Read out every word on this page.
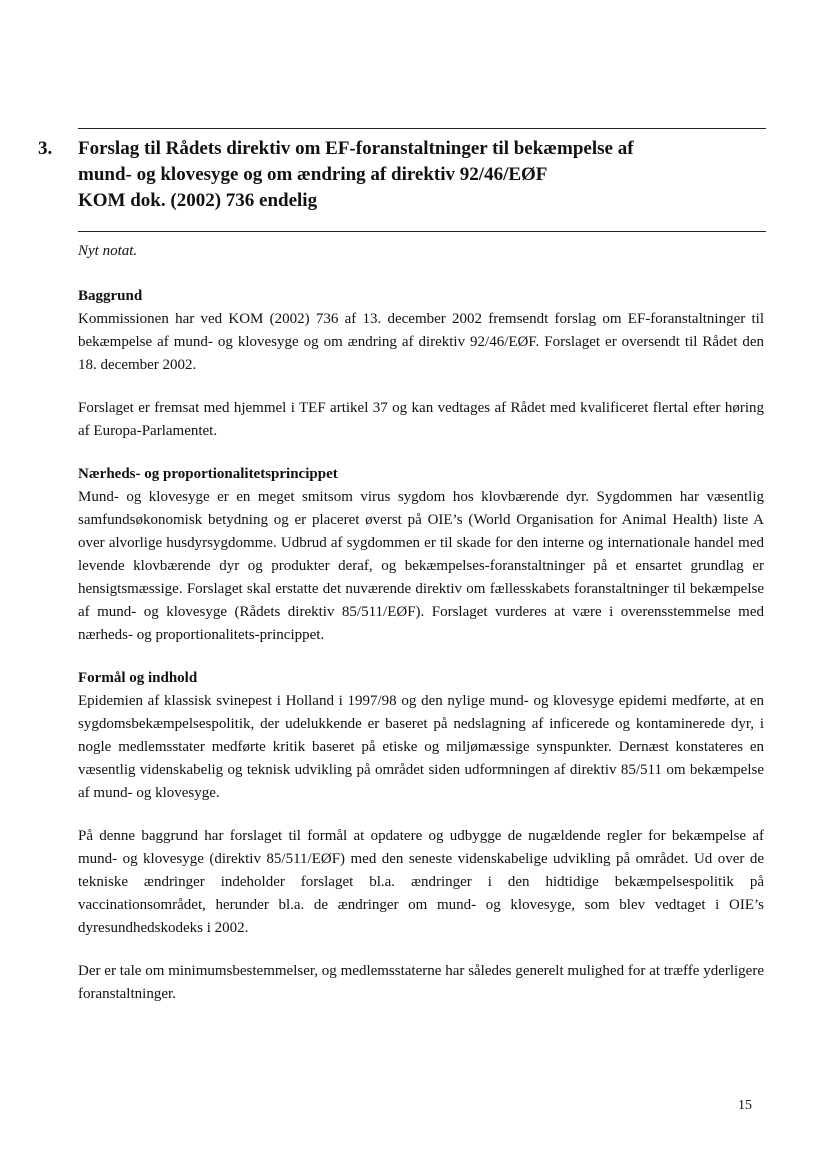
3. Forslag til Rådets direktiv om EF-foranstaltninger til bekæmpelse af
mund- og klovesyge og om ændring af direktiv 92/46/EØF
KOM dok. (2002) 736 endelig
Nyt notat.
Baggrund

Kommissionen har ved KOM (2002) 736 af 13. december 2002 fremsendt forslag om EF-foranstaltninger til bekæmpelse af mund- og klovesyge og om ændring af direktiv 92/46/EØF. Forslaget er oversendt til Rådet den 18. december 2002.

Forslaget er fremsat med hjemmel i TEF artikel 37 og kan vedtages af Rådet med kvalificeret flertal efter høring af Europa-Parlamentet.

Nærheds- og proportionalitetsprincippet

Mund- og klovesyge er en meget smitsom virus sygdom hos klovbærende dyr. Sygdommen har væsentlig samfundsøkonomisk betydning og er placeret øverst på OIE’s (World Organisation for Animal Health) liste A over alvorlige husdyrsygdomme. Udbrud af sygdommen er til skade for den interne og internationale handel med levende klovbærende dyr og produkter deraf, og bekæmpelses-foranstaltninger på et ensartet grundlag er hensigtsmæssige. Forslaget skal erstatte det nuværende direktiv om fællesskabets foranstaltninger til bekæmpelse af mund- og klovesyge (Rådets direktiv 85/511/EØF). Forslaget vurderes at være i overensstemmelse med nærheds- og proportionalitets-princippet.

Formål og indhold

Epidemien af klassisk svinepest i Holland i 1997/98 og den nylige mund- og klovesyge epidemi medførte, at en sygdomsbekæmpelsespolitik, der udelukkende er baseret på nedslagning af inficerede og kontaminerede dyr, i nogle medlemsstater medførte kritik baseret på etiske og miljømæssige synspunkter. Dernæst konstateres en væsentlig videnskabelig og teknisk udvikling på området siden udformningen af direktiv 85/511 om bekæmpelse af mund- og klovesyge.

På denne baggrund har forslaget til formål at opdatere og udbygge de nugældende regler for bekæmpelse af mund- og klovesyge (direktiv 85/511/EØF) med den seneste videnskabelige udvikling på området. Ud over de tekniske ændringer indeholder forslaget bl.a. ændringer i den hidtidige bekæmpelsespolitik på vaccinationsområdet, herunder bl.a. de ændringer om mund- og klovesyge, som blev vedtaget i OIE’s dyresundhedskodeks i 2002.

Der er tale om minimumsbestemmelser, og medlemsstaterne har således generelt mulighed for at træffe yderligere foranstaltninger.

15
